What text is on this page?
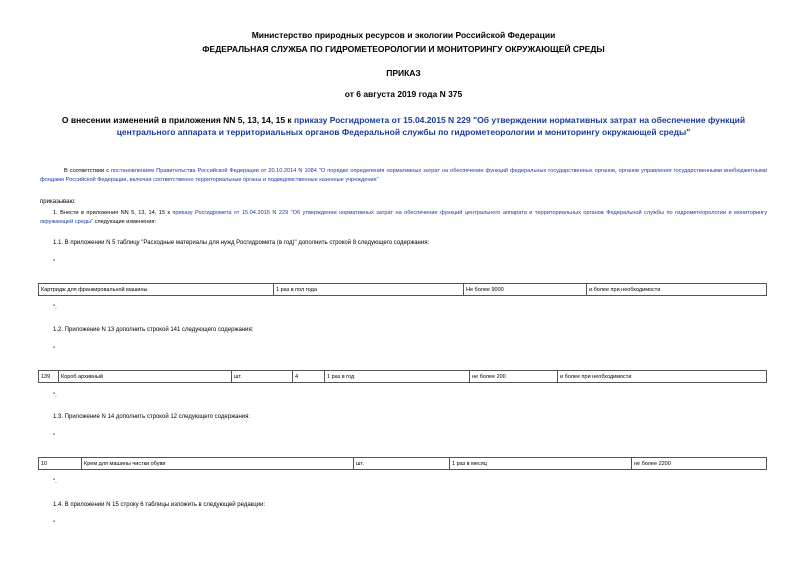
Министерство природных ресурсов и экологии Российской Федерации
ФЕДЕРАЛЬНАЯ СЛУЖБА ПО ГИДРОМЕТЕОРОЛОГИИ И МОНИТОРИНГУ ОКРУЖАЮЩЕЙ СРЕДЫ
ПРИКАЗ
от 6 августа 2019 года N 375
О внесении изменений в приложения NN 5, 13, 14, 15 к приказу Росгидромета от 15.04.2015 N 229 "Об утверждении нормативных затрат на обеспечение функций центрального аппарата и территориальных органов Федеральной службы по гидрометеорологии и мониторингу окружающей среды"
В соответствии с постановлением Правительства Российской Федерации от 20.10.2014 N 1084 "О порядке определения нормативных затрат на обеспечение функций федеральных государственных органов, органов управления государственными внебюджетными фондами Российской Федерации, включая соответственно территориальные органы и подведомственные казенные учреждения"
приказываю:
1. Внести в приложения NN 5, 13, 14, 15 к приказу Росгидромета от 15.04.2015 N 229 "Об утверждении нормативных затрат на обеспечение функций центрального аппарата и территориальных органов Федеральной службы по гидрометеорологии и мониторингу окружающей среды" следующие изменения:
1.1. В приложении N 5 таблицу "Расходные материалы для нужд Росгидромета (в год)" дополнить строкой 8 следующего содержания:
"
Картридж для франкировальной машины	1 раз в пол года	Не более 9000	и более при необходимости
".
1.2. Приложение N 13 дополнить строкой 141 следующего содержания:
"
139	Короб архивный	шт.	4	1 раз в год	не более 200	и более при необходимости
".
1.3. Приложение N 14 дополнить строкой 12 следующего содержания:
"
10	Крем для машины чистки обуви	шт.	1 раз в месяц	не более 2200
".
1.4. В приложении N 15 строку 6 таблицы изложить в следующей редакции:
"
